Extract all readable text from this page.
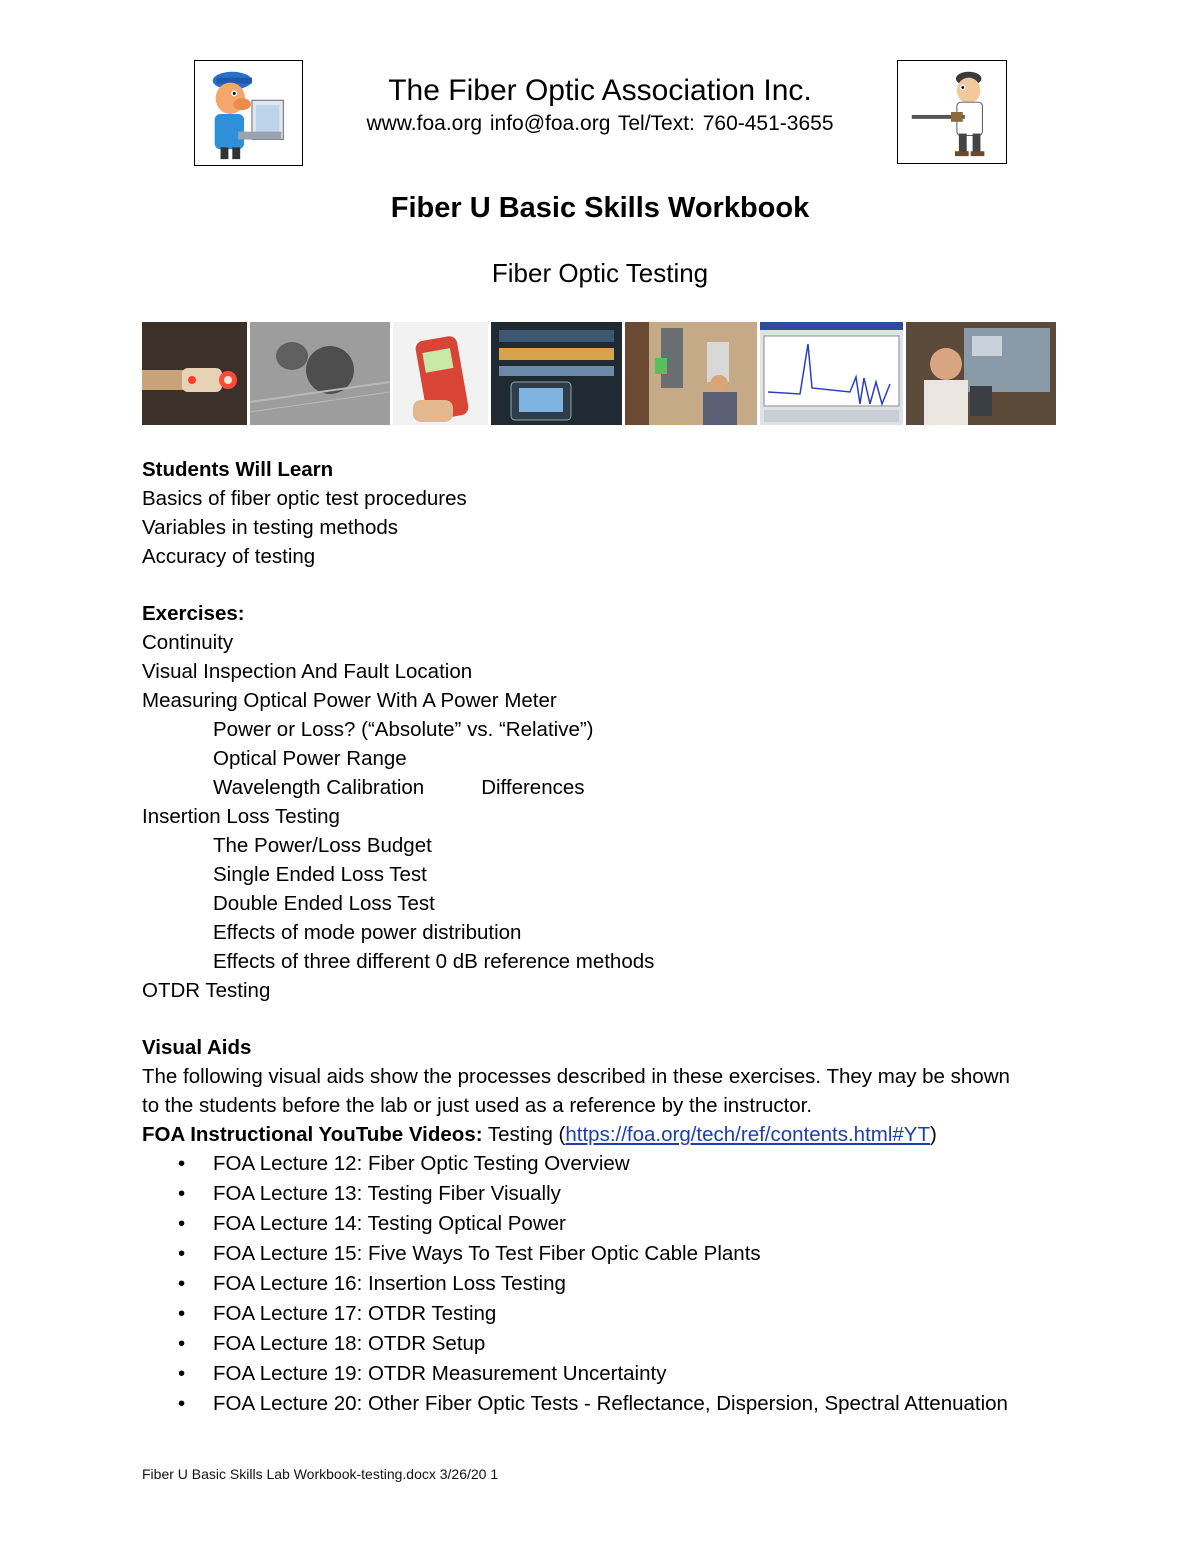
The Fiber Optic Association Inc.
www.foa.org info@foa.org Tel/Text: 760-451-3655
Fiber U Basic Skills Workbook
Fiber Optic Testing

Students Will Learn

Basics of fiber optic test procedures

Variables in testing methods

Accuracy of testing

Exercises:

Continuity

Visual Inspection And Fault Location

Measuring Optical Power With A Power Meter

Power or Loss? (“Absolute” vs. “Relative”)

Optical Power Range

Wavelength Calibration	Differences

Insertion Loss Testing

The Power/Loss Budget

Single Ended Loss Test

Double Ended Loss Test

Effects of mode power distribution

Effects of three different 0 dB reference methods

OTDR Testing

Visual Aids

The following visual aids show the processes described in these exercises. They may be shown

to the students before the lab or just used as a reference by the instructor.

FOA Instructional YouTube Videos: Testing (https://foa.org/tech/ref/contents.html#YT)

• FOA Lecture 12: Fiber Optic Testing Overview
• FOA Lecture 13: Testing Fiber Visually
• FOA Lecture 14: Testing Optical Power
• FOA Lecture 15: Five Ways To Test Fiber Optic Cable Plants
• FOA Lecture 16: Insertion Loss Testing
• FOA Lecture 17: OTDR Testing
• FOA Lecture 18: OTDR Setup
• FOA Lecture 19: OTDR Measurement Uncertainty
• FOA Lecture 20: Other Fiber Optic Tests - Reflectance, Dispersion, Spectral Attenuation
Fiber U Basic Skills Lab Workbook-testing.docx 3/26/20 1
